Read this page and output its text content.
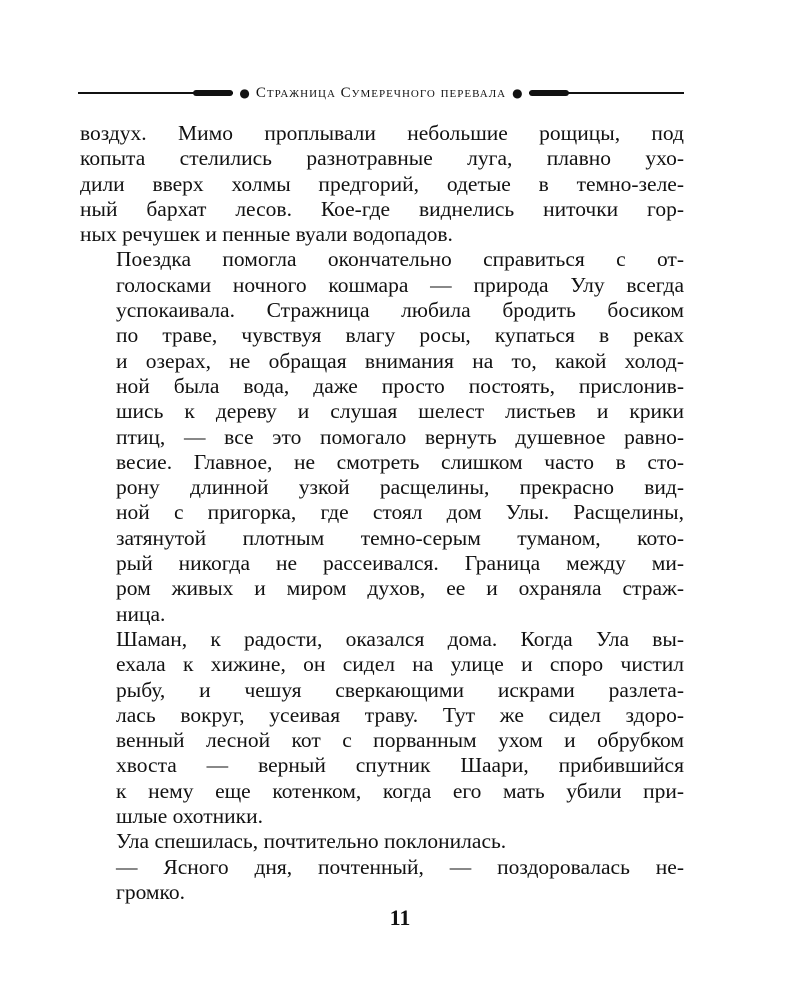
● Стражница Сумеречного перевала ●
воздух. Мимо проплывали небольшие рощицы, под
копыта стелились разнотравные луга, плавно ухо-
дили вверх холмы предгорий, одетые в темно-зеле-
ный бархат лесов. Кое-где виднелись ниточки гор-
ных речушек и пенные вуали водопадов.
Поездка помогла окончательно справиться с от-
голосками ночного кошмара — природа Улу всегда
успокаивала. Стражница любила бродить босиком
по траве, чувствуя влагу росы, купаться в реках
и озерах, не обращая внимания на то, какой холод-
ной была вода, даже просто постоять, прислонив-
шись к дереву и слушая шелест листьев и крики
птиц, — все это помогало вернуть душевное равно-
весие. Главное, не смотреть слишком часто в сто-
рону длинной узкой расщелины, прекрасно вид-
ной с пригорка, где стоял дом Улы. Расщелины,
затянутой плотным темно-серым туманом, кото-
рый никогда не рассеивался. Граница между ми-
ром живых и миром духов, ее и охраняла страж-
ница.
Шаман, к радости, оказался дома. Когда Ула вы-
ехала к хижине, он сидел на улице и споро чистил
рыбу, и чешуя сверкающими искрами разлета-
лась вокруг, усеивая траву. Тут же сидел здоро-
венный лесной кот с порванным ухом и обрубком
хвоста — верный спутник Шаари, прибившийся
к нему еще котенком, когда его мать убили при-
шлые охотники.
Ула спешилась, почтительно поклонилась.
— Ясного дня, почтенный, — поздоровалась не-
громко.
11
